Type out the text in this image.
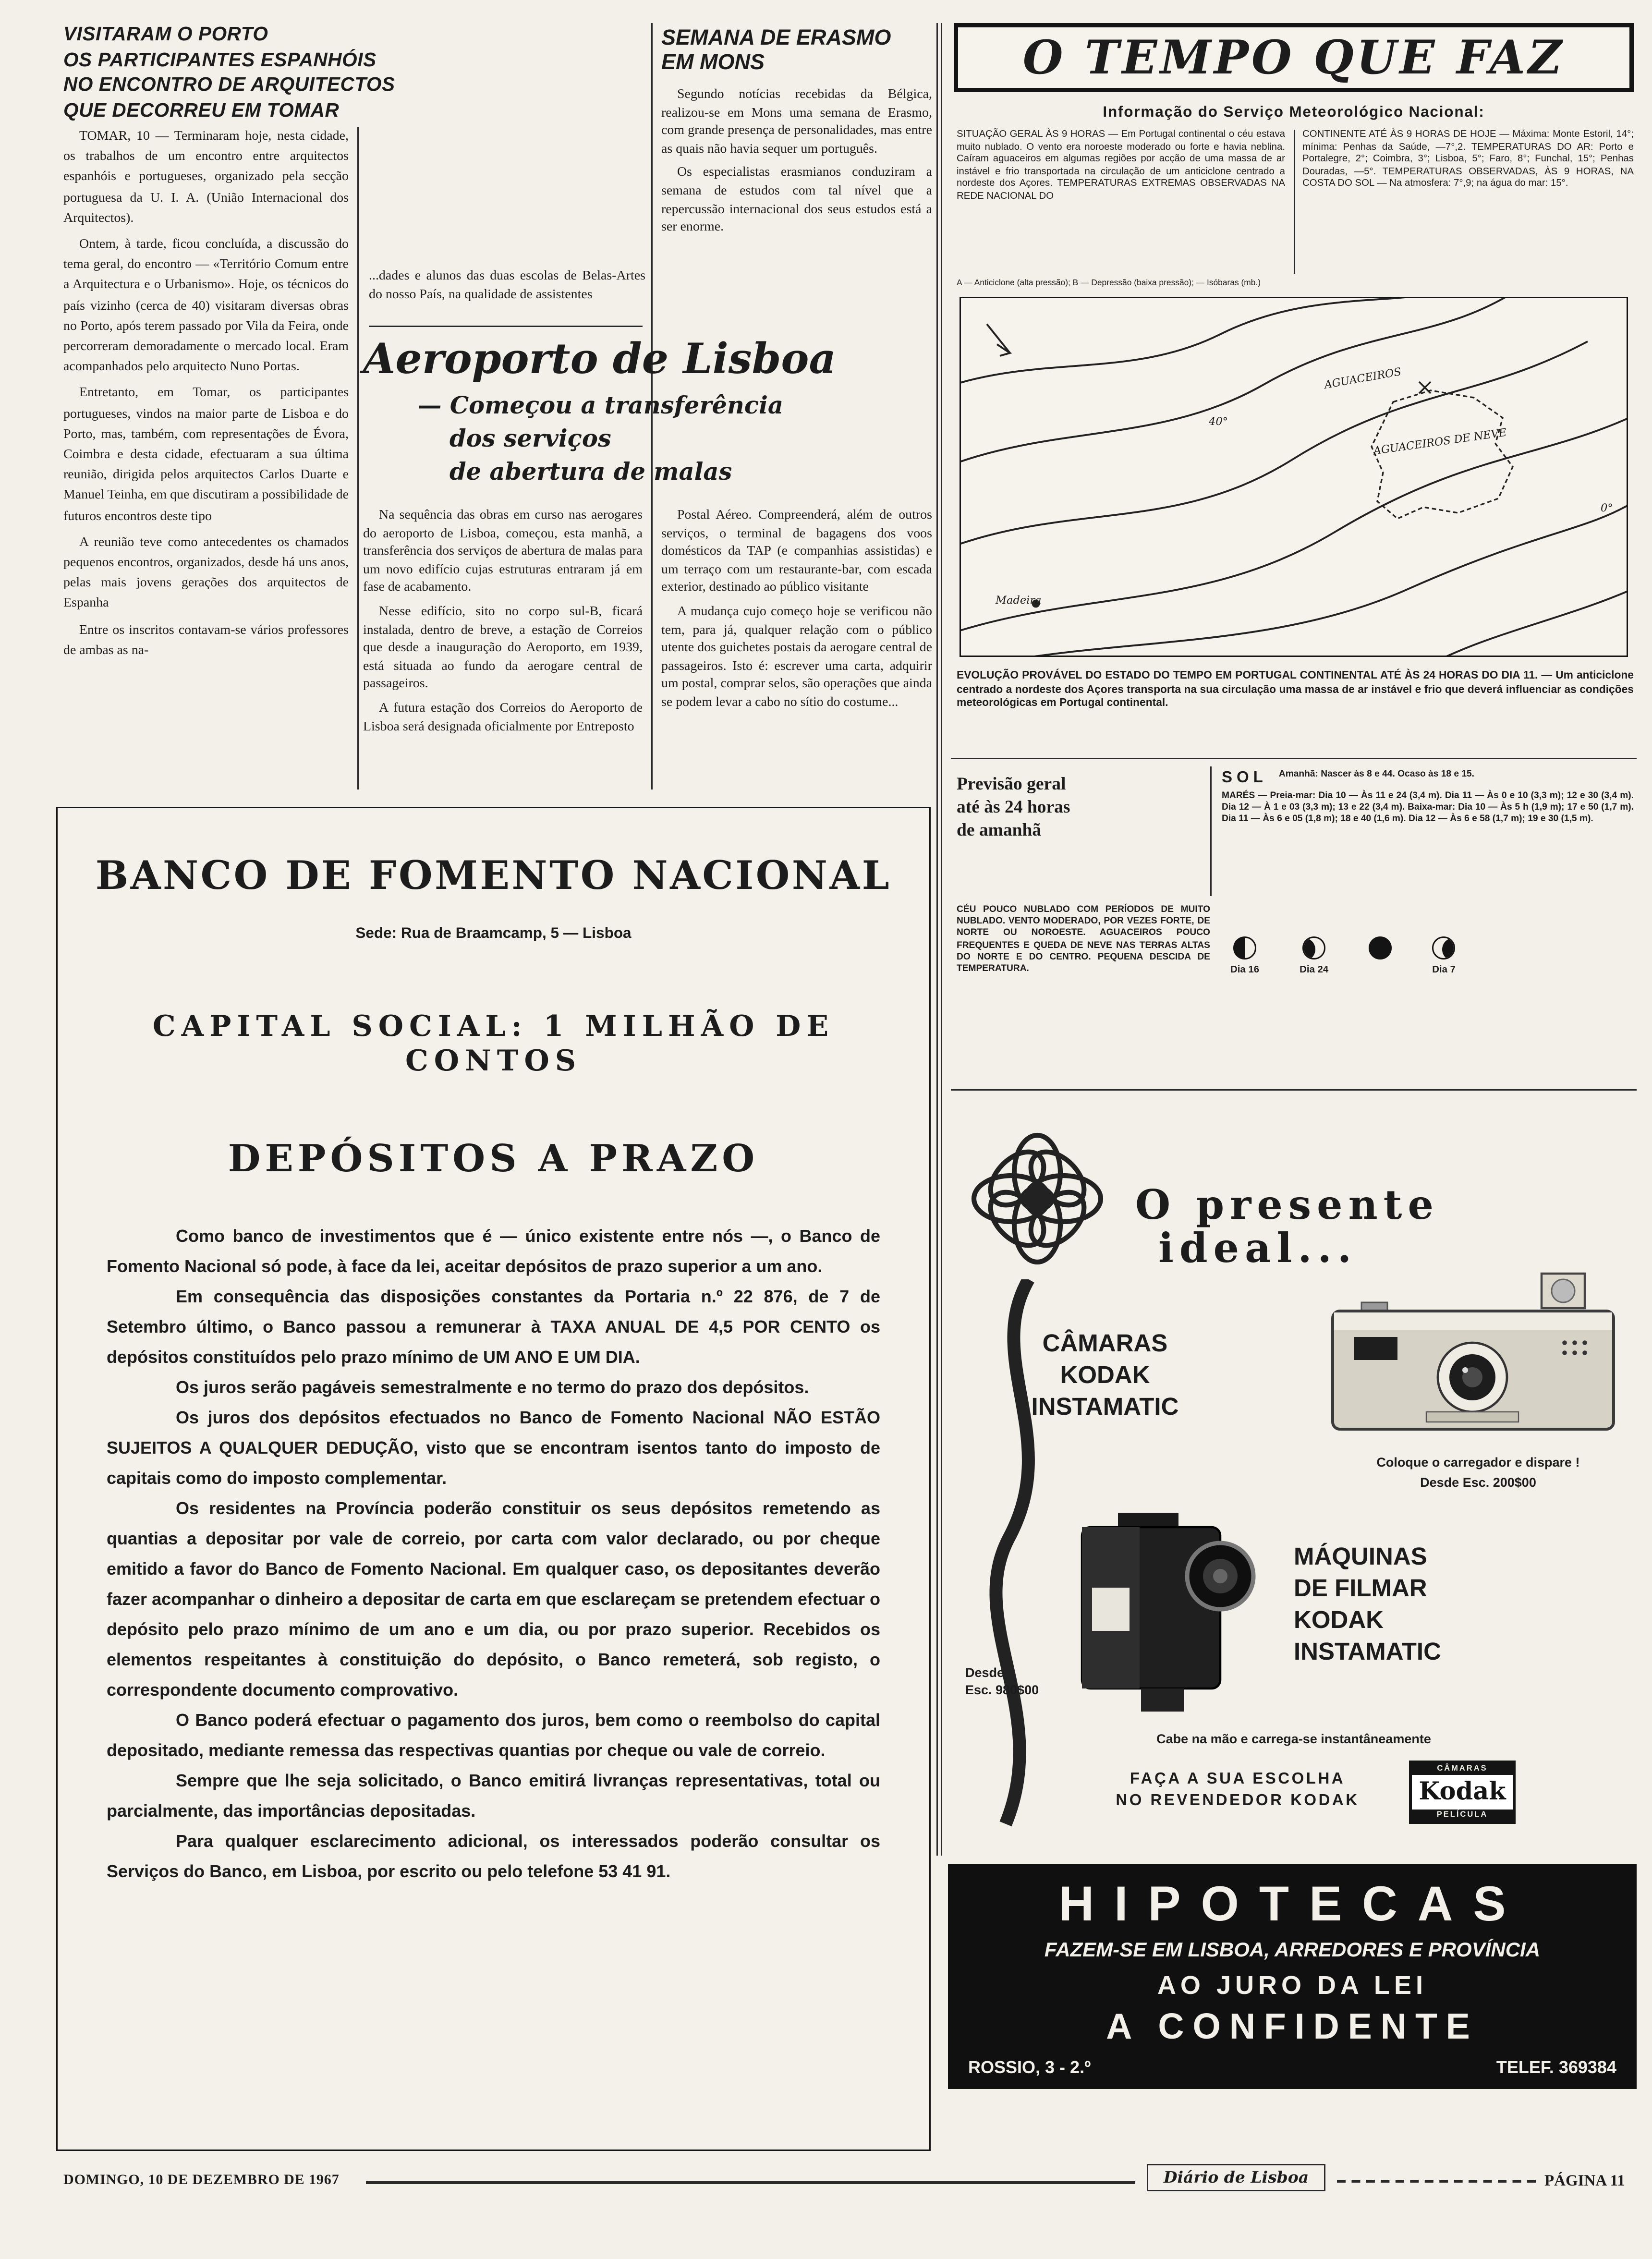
VISITARAM O PORTO
OS PARTICIPANTES ESPANHÓIS
NO ENCONTRO DE ARQUITECTOS
QUE DECORREU EM TOMAR

TOMAR, 10 — Terminaram hoje, nesta cidade, os trabalhos de um encontro entre arquitectos espanhóis e portugueses, organizado pela secção portuguesa da U. I. A. (União Internacional dos Arquitectos).

Ontem, à tarde, ficou concluída, a discussão do tema geral, do encontro — «Território Comum entre a Arquitectura e o Urbanismo». Hoje, os técnicos do país vizinho (cerca de 40) visitaram diversas obras no Porto, após terem passado por Vila da Feira, onde percorreram demoradamente o mercado local. Eram acompanhados pelo arquitecto Nuno Portas.

Entretanto, em Tomar, os participantes portugueses, vindos na maior parte de Lisboa e do Porto, mas, também, com representações de Évora, Coimbra e desta cidade, efectuaram a sua última reunião, dirigida pelos arquitectos Carlos Duarte e Manuel Teinha, em que discutiram a possibilidade de futuros encontros deste tipo

A reunião teve como antecedentes os chamados pequenos encontros, organizados, desde há uns anos, pelas mais jovens gerações dos arquitectos de Espanha

Entre os inscritos contavam-se vários professores de ambas as na-

...dades e alunos das duas escolas de Belas-Artes do nosso País, na qualidade de assistentes

SEMANA DE ERASMO
EM MONS

Segundo notícias recebidas da Bélgica, realizou-se em Mons uma semana de Erasmo, com grande presença de personalidades, mas entre as quais não havia sequer um português.

Os especialistas erasmianos conduziram a semana de estudos com tal nível que a repercussão internacional dos seus estudos está a ser enorme.

Aeroporto de Lisboa
— Começou a transferência
dos serviços
de abertura de malas

Na sequência das obras em curso nas aerogares do aeroporto de Lisboa, começou, esta manhã, a transferência dos serviços de abertura de malas para um novo edifício cujas estruturas entraram já em fase de acabamento.

Nesse edifício, sito no corpo sul-B, ficará instalada, dentro de breve, a estação de Correios que desde a inauguração do Aeroporto, em 1939, está situada ao fundo da aerogare central de passageiros.

A futura estação dos Correios do Aeroporto de Lisboa será designada oficialmente por Entreposto

Postal Aéreo. Compreenderá, além de outros serviços, o terminal de bagagens dos voos domésticos da TAP (e companhias assistidas) e um terraço com um restaurante-bar, com escada exterior, destinado ao público visitante

A mudança cujo começo hoje se verificou não tem, para já, qualquer relação com o público utente dos guichetes postais da aerogare central de passageiros. Isto é: escrever uma carta, adquirir um postal, comprar selos, são operações que ainda se podem levar a cabo no sítio do costume...

O TEMPO QUE FAZ
Informação do Serviço Meteorológico Nacional:
SITUAÇÃO GERAL ÀS 9 HORAS — Em Portugal continental o céu estava muito nublado. O vento era noroeste moderado ou forte e havia neblina. Caíram aguaceiros em algumas regiões por acção de uma massa de ar instável e frio transportada na circulação de um anticiclone centrado a nordeste dos Açores. TEMPERATURAS EXTREMAS OBSERVADAS NA REDE NACIONAL DO
CONTINENTE ATÉ ÀS 9 HORAS DE HOJE — Máxima: Monte Estoril, 14°; mínima: Penhas da Saúde, —7°,2. TEMPERATURAS DO AR: Porto e Portalegre, 2°; Coimbra, 3°; Lisboa, 5°; Faro, 8°; Funchal, 15°; Penhas Douradas, —5°. TEMPERATURAS OBSERVADAS, ÀS 9 HORAS, NA COSTA DO SOL — Na atmosfera: 7°,9; na água do mar: 15°.
A — Anticiclone (alta pressão); B — Depressão (baixa pressão); — Isóbaras (mb.)
AGUACEIROS
AGUACEIROS DE NEVE
40°
0°
Madeira
EVOLUÇÃO PROVÁVEL DO ESTADO DO TEMPO EM PORTUGAL CONTINENTAL ATÉ ÀS 24 HORAS DO DIA 11. — Um anticiclone centrado a nordeste dos Açores transporta na sua circulação uma massa de ar instável e frio que deverá influenciar as condições meteorológicas em Portugal continental.
Previsão geral
até às 24 horas
de amanhã
SOL	Amanhã: Nascer às 8 e 44. Ocaso às 18 e 15.
MARÉS — Preia-mar: Dia 10 — Às 11 e 24 (3,4 m). Dia 11 — Às 0 e 10 (3,3 m); 12 e 30 (3,4 m). Dia 12 — À 1 e 03 (3,3 m); 13 e 22 (3,4 m). Baixa-mar: Dia 10 — Às 5 h (1,9 m); 17 e 50 (1,7 m). Dia 11 — Às 6 e 05 (1,8 m); 18 e 40 (1,6 m). Dia 12 — Às 6 e 58 (1,7 m); 19 e 30 (1,5 m).
CÉU POUCO NUBLADO COM PERÍODOS DE MUITO NUBLADO. VENTO MODERADO, POR VEZES FORTE, DE NORTE OU NOROESTE. AGUACEIROS POUCO FREQUENTES E QUEDA DE NEVE NAS TERRAS ALTAS DO NORTE E DO CENTRO. PEQUENA DESCIDA DE TEMPERATURA.	Dia 16	Dia 24	Dia 7
BANCO DE FOMENTO NACIONAL
Sede: Rua de Braamcamp, 5 — Lisboa
CAPITAL SOCIAL: 1 MILHÃO DE CONTOS
DEPÓSITOS A PRAZO

Como banco de investimentos que é — único existente entre nós —, o Banco de Fomento Nacional só pode, à face da lei, aceitar depósitos de prazo superior a um ano.

Em consequência das disposições constantes da Portaria n.º 22 876, de 7 de Setembro último, o Banco passou a remunerar à TAXA ANUAL DE 4,5 POR CENTO os depósitos constituídos pelo prazo mínimo de UM ANO E UM DIA.

Os juros serão pagáveis semestralmente e no termo do prazo dos depósitos.

Os juros dos depósitos efectuados no Banco de Fomento Nacional NÃO ESTÃO SUJEITOS A QUALQUER DEDUÇÃO, visto que se encontram isentos tanto do imposto de capitais como do imposto complementar.

Os residentes na Província poderão constituir os seus depósitos remetendo as quantias a depositar por vale de correio, por carta com valor declarado, ou por cheque emitido a favor do Banco de Fomento Nacional. Em qualquer caso, os depositantes deverão fazer acompanhar o dinheiro a depositar de carta em que esclareçam se pretendem efectuar o depósito pelo prazo mínimo de um ano e um dia, ou por prazo superior. Recebidos os elementos respeitantes à constituição do depósito, o Banco remeterá, sob registo, o correspondente documento comprovativo.

O Banco poderá efectuar o pagamento dos juros, bem como o reembolso do capital depositado, mediante remessa das respectivas quantias por cheque ou vale de correio.

Sempre que lhe seja solicitado, o Banco emitirá livranças representativas, total ou parcialmente, das importâncias depositadas.

Para qualquer esclarecimento adicional, os interessados poderão consultar os Serviços do Banco, em Lisboa, por escrito ou pelo telefone 53 41 91.

O presente
ideal...
CÂMARAS
KODAK
INSTAMATIC
Coloque o carregador e dispare !
Desde Esc. 200$00
MÁQUINAS
DE FILMAR
KODAK
INSTAMATIC
Desde
Esc. 980$00
Cabe na mão e carrega-se instantâneamente
FAÇA A SUA ESCOLHA
NO REVENDEDOR KODAK
CÂMARAS
Kodak
PELÍCULA
HIPOTECAS
FAZEM-SE EM LISBOA, ARREDORES E PROVÍNCIA
AO JURO DA LEI
A CONFIDENTE
ROSSIO, 3 - 2.º	TELEF. 369384
DOMINGO, 10 DE DEZEMBRO DE 1967	Diário de Lisboa	PÁGINA 11
